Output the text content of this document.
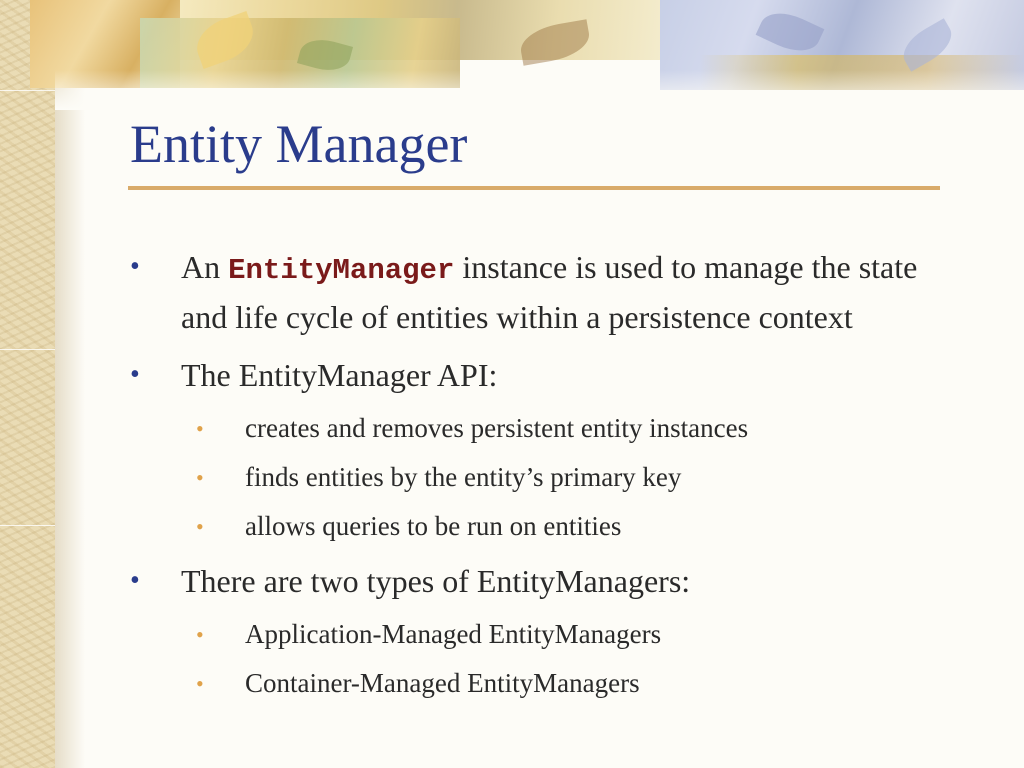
Entity Manager
• An EntityManager instance is used to manage the state and life cycle of entities within a persistence context
• The EntityManager API:
• creates and removes persistent entity instances
• finds entities by the entity’s primary key
• allows queries to be run on entities
• There are two types of EntityManagers:
• Application-Managed EntityManagers
• Container-Managed EntityManagers
